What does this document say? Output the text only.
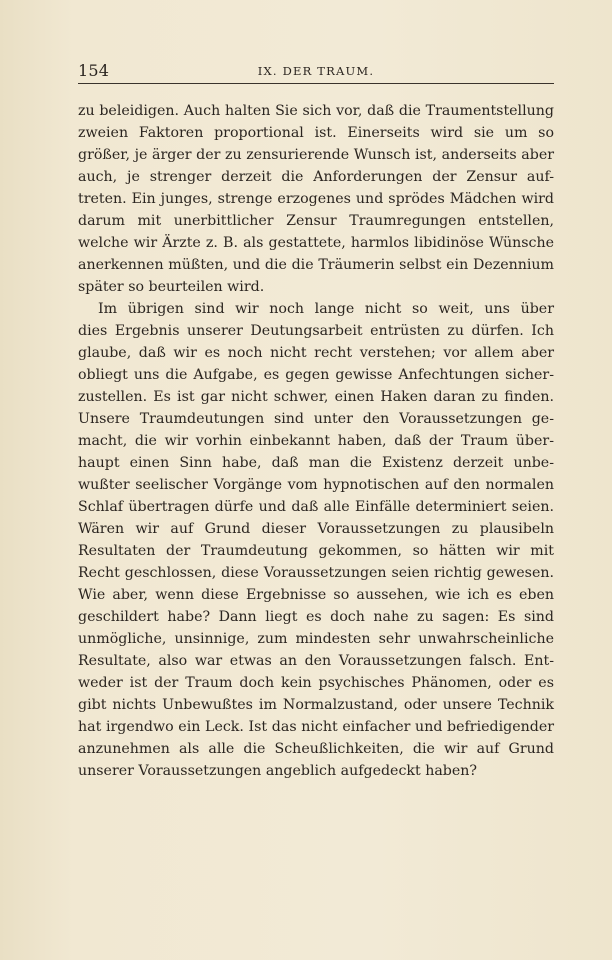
154	IX. DER TRAUM.
zu beleidigen. Auch halten Sie sich vor, daß die Traumentstellung
zweien Faktoren proportional ist. Einerseits wird sie um so
größer, je ärger der zu zensurierende Wunsch ist, anderseits aber
auch, je strenger derzeit die Anforderungen der Zensur auf-
treten. Ein junges, strenge erzogenes und sprödes Mädchen wird
darum mit unerbittlicher Zensur Traumregungen entstellen,
welche wir Ärzte z. B. als gestattete, harmlos libidinöse Wünsche
anerkennen müßten, und die die Träumerin selbst ein Dezennium
später so beurteilen wird.
Im übrigen sind wir noch lange nicht so weit, uns über
dies Ergebnis unserer Deutungsarbeit entrüsten zu dürfen. Ich
glaube, daß wir es noch nicht recht verstehen; vor allem aber
obliegt uns die Aufgabe, es gegen gewisse Anfechtungen sicher-
zustellen. Es ist gar nicht schwer, einen Haken daran zu finden.
Unsere Traumdeutungen sind unter den Voraussetzungen ge-
macht, die wir vorhin einbekannt haben, daß der Traum über-
haupt einen Sinn habe, daß man die Existenz derzeit unbe-
wußter seelischer Vorgänge vom hypnotischen auf den normalen
Schlaf übertragen dürfe und daß alle Einfälle determiniert seien.
Wären wir auf Grund dieser Voraussetzungen zu plausibeln
Resultaten der Traumdeutung gekommen, so hätten wir mit
Recht geschlossen, diese Voraussetzungen seien richtig gewesen.
Wie aber, wenn diese Ergebnisse so aussehen, wie ich es eben
geschildert habe? Dann liegt es doch nahe zu sagen: Es sind
unmögliche, unsinnige, zum mindesten sehr unwahrscheinliche
Resultate, also war etwas an den Voraussetzungen falsch. Ent-
weder ist der Traum doch kein psychisches Phänomen, oder es
gibt nichts Unbewußtes im Normalzustand, oder unsere Technik
hat irgendwo ein Leck. Ist das nicht einfacher und befriedigender
anzunehmen als alle die Scheußlichkeiten, die wir auf Grund
unserer Voraussetzungen angeblich aufgedeckt haben?
